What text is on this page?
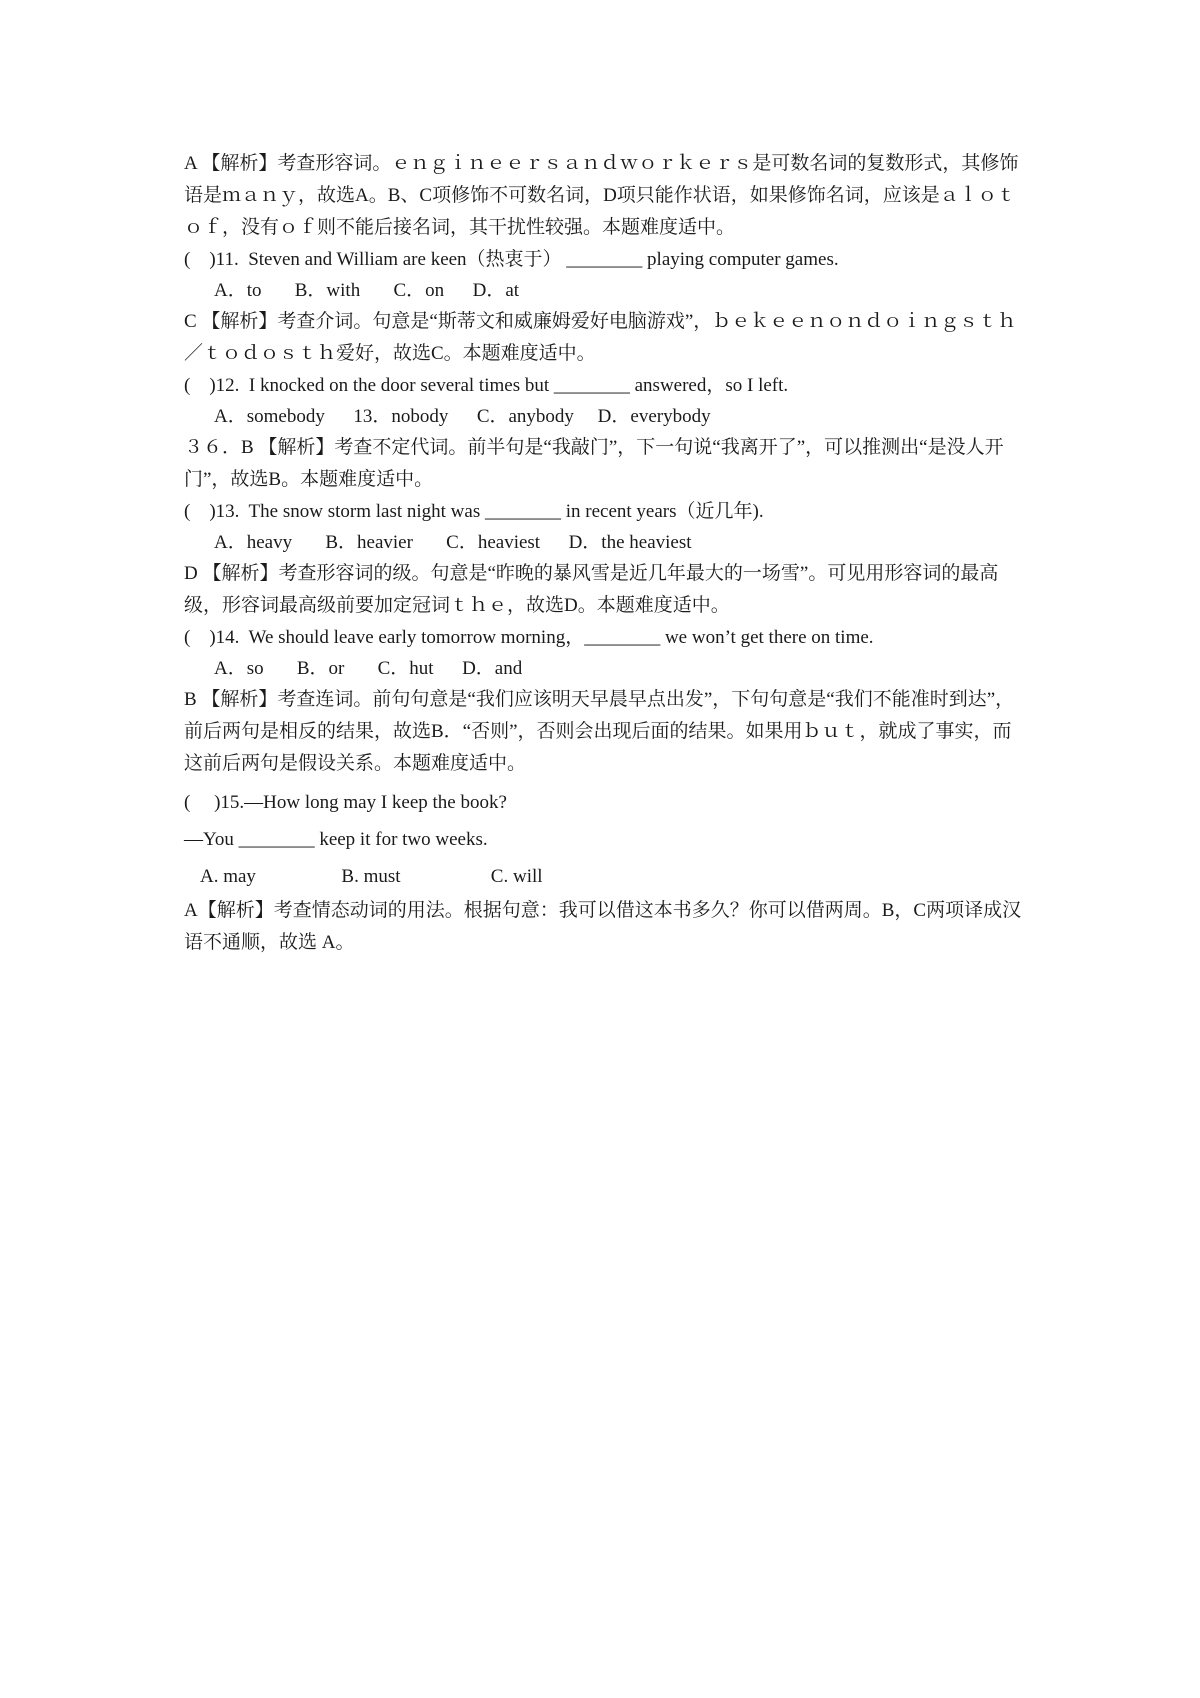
A 【解析】考查形容词。ｅｎｇｉｎｅｅｒｓａｎｄｗｏｒｋｅｒｓ是可数名词的复数形式，其修饰语是ｍａｎｙ，故选A。B、C项修饰不可数名词，D项只能作状语，如果修饰名词，应该是ａｌｏｔｏｆ，没有ｏｆ则不能后接名词，其干扰性较强。本题难度适中。

(    )11.  Steven and William are keen（热衷于） ________ playing computer games.

A．to       B．with       C．on      D．at

C 【解析】考查介词。句意是“斯蒂文和威廉姆爱好电脑游戏”，ｂｅｋｅｅｎｏｎｄｏｉｎｇｓｔｈ／ｔｏｄｏｓｔｈ爱好，故选C。本题难度适中。

(    )12.  I knocked on the door several times but ________ answered，so I left.

A．somebody      13．nobody      C．anybody     D．everybody

３６．B 【解析】考查不定代词。前半句是“我敲门”，下一句说“我离开了”，可以推测出“是没人开门”，故选B。本题难度适中。

(    )13.  The snow storm last night was ________ in recent years（近几年).

A．heavy       B．heavier       C．heaviest      D．the heaviest

D 【解析】考查形容词的级。句意是“昨晚的暴风雪是近几年最大的一场雪”。可见用形容词的最高级，形容词最高级前要加定冠词ｔｈｅ，故选D。本题难度适中。

(    )14.  We should leave early tomorrow morning，________ we won’t get there on time.

A．so       B．or       C．hut      D．and

B 【解析】考查连词。前句句意是“我们应该明天早晨早点出发”，下句句意是“我们不能准时到达”，前后两句是相反的结果，故选B．“否则”，否则会出现后面的结果。如果用ｂｕｔ，就成了事实，而这前后两句是假设关系。本题难度适中。

(     )15.—How long may I keep the book?

—You ________ keep it for two weeks.

A. may                  B. must                   C. will

A【解析】考查情态动词的用法。根据句意：我可以借这本书多久？你可以借两周。B，C两项译成汉语不通顺，故选 A。
